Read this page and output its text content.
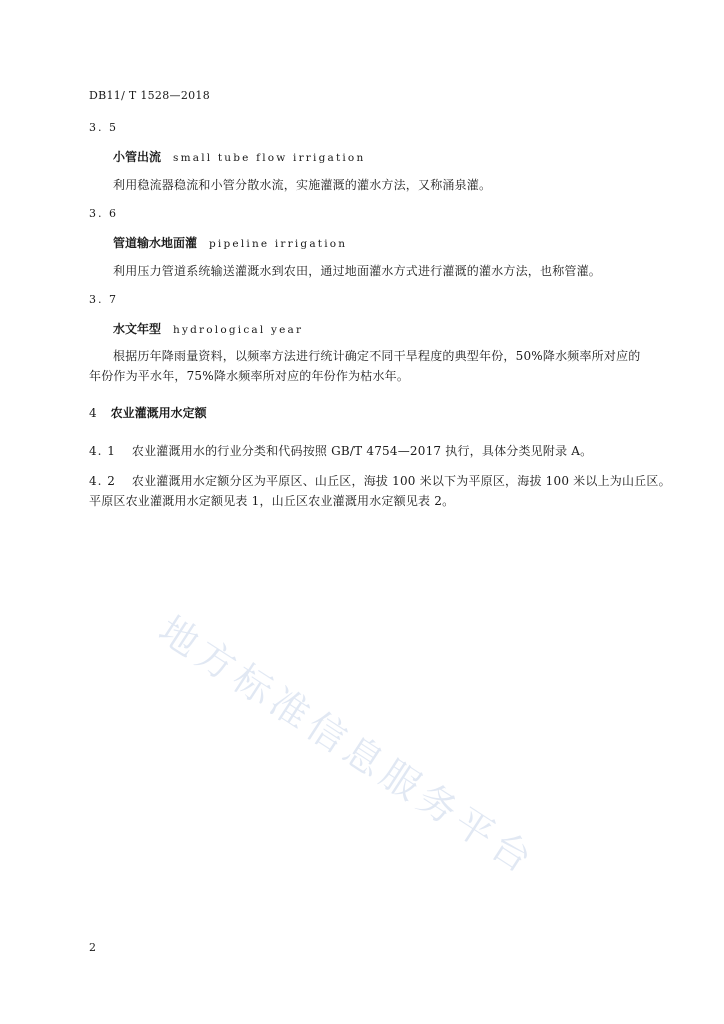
DB11/ T 1528—2018
3. 5
小管出流 small tube flow irrigation
利用稳流器稳流和小管分散水流，实施灌溉的灌水方法，又称涌泉灌。
3. 6
管道输水地面灌 pipeline irrigation
利用压力管道系统输送灌溉水到农田，通过地面灌水方式进行灌溉的灌水方法，也称管灌。
3. 7
水文年型 hydrological year
根据历年降雨量资料，以频率方法进行统计确定不同干旱程度的典型年份，50%降水频率所对应的
年份作为平水年，75%降水频率所对应的年份作为枯水年。
4 农业灌溉用水定额
4. 1 农业灌溉用水的行业分类和代码按照 GB/T 4754—2017 执行，具体分类见附录 A。
4. 2 农业灌溉用水定额分区为平原区、山丘区，海拔 100 米以下为平原区，海拔 100 米以上为山丘区。
平原区农业灌溉用水定额见表 1，山丘区农业灌溉用水定额见表 2。
地方标准信息服务平台
2
